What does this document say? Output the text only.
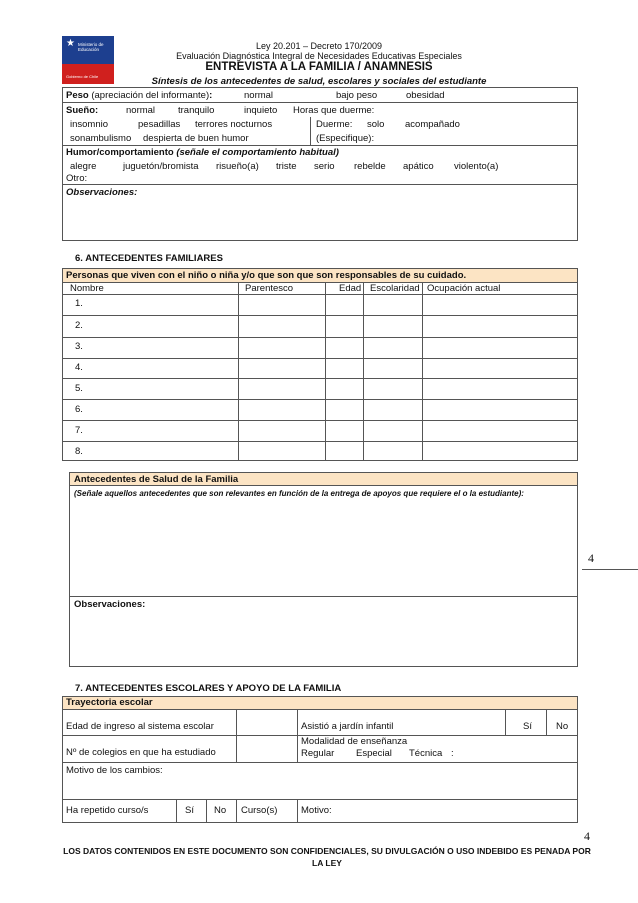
★ Ministerio de Educación
Gobierno de Chile
Ley 20.201 – Decreto 170/2009
Evaluación Diagnóstica Integral de Necesidades Educativas Especiales
ENTREVISTA A LA FAMILIA / ANAMNESIS
Síntesis de los antecedentes de salud, escolares y sociales del estudiante
Peso (apreciación del informante):	normal	bajo peso	obesidad
Sueño:	normal tranquilo	inquieto Horas que duerme:
insomnio	pesadillas terrores nocturnos	Duerme: solo acompañado
sonambulismo despierta de buen humor	(Especifique):
Humor/comportamiento (señale el comportamiento habitual)
alegre	juguetón/bromista risueño(a) triste serio rebelde apático violento(a)
Otro:
Observaciones:
6. ANTECEDENTES FAMILIARES
Personas que viven con el niño o niña y/o que son que son responsables de su cuidado.
Nombre	Parentesco	Edad Escolaridad Ocupación actual
1.
2.
3.
4.
5.
6.
7.
8.
Antecedentes de Salud de la Familia
(Señale aquellos antecedentes que son relevantes en función de la entrega de apoyos que requiere el o la estudiante):
Observaciones:
4
7. ANTECEDENTES ESCOLARES Y APOYO DE LA FAMILIA
Trayectoria escolar
Edad de ingreso al sistema escolar	Asistió a jardín infantil	Sí	No
Nº de colegios en que ha estudiado
Modalidad de enseñanza
Regular Especial Técnica :
Motivo de los cambios:
Ha repetido curso/s	Sí No Curso(s) Motivo:
4
LOS DATOS CONTENIDOS EN ESTE DOCUMENTO SON CONFIDENCIALES, SU DIVULGACIÓN O USO INDEBIDO ES PENADA POR LA LEY
